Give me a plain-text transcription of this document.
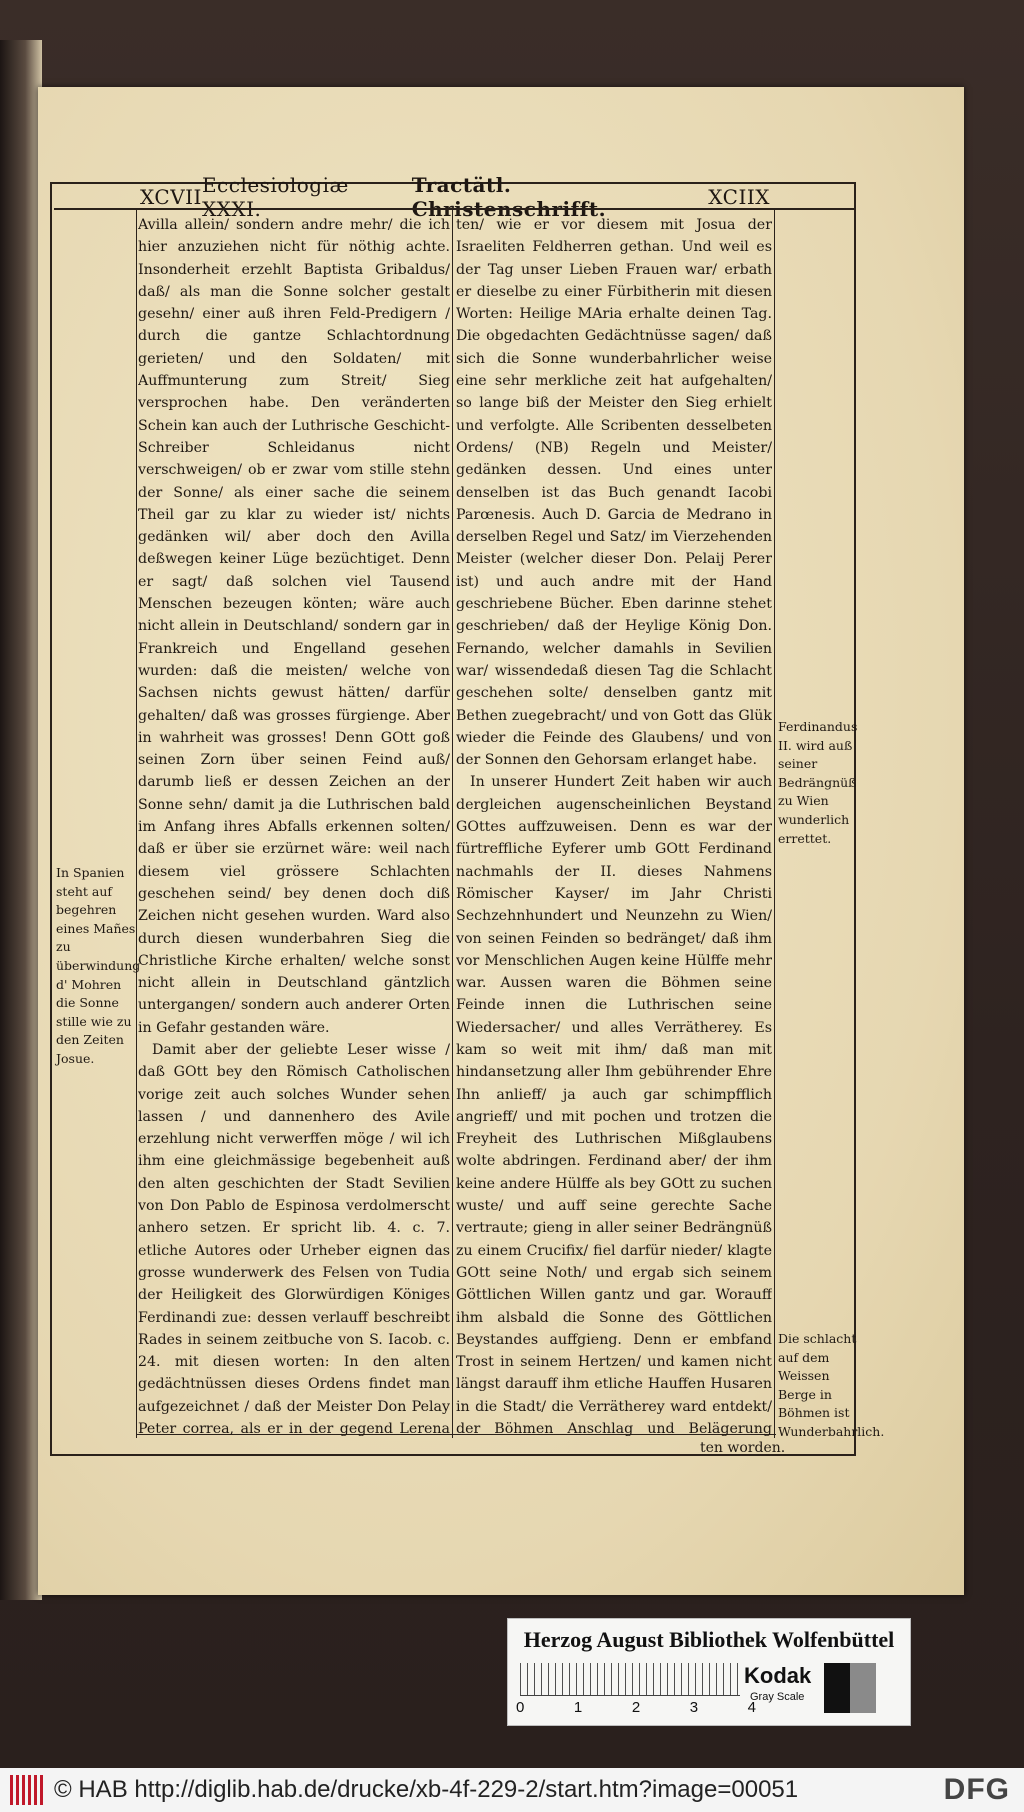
XCVII Ecclesiologiæ XXXI.
Tractätl. Christenschrifft.	XCIIX

Avilla allein/ sondern andre mehr/ die ich hier anzuziehen nicht für nöthig achte. Insonderheit erzehlt Baptista Gribaldus/ daß/ als man die Sonne solcher gestalt gesehn/ einer auß ihren Feld-Predigern / durch die gantze Schlachtordnung gerieten/ und den Soldaten/ mit Auffmunterung zum Streit/ Sieg versprochen habe. Den veränderten Schein kan auch der Luthrische Geschicht-Schreiber Schleidanus nicht verschweigen/ ob er zwar vom stille stehn der Sonne/ als einer sache die seinem Theil gar zu klar zu wieder ist/ nichts gedänken wil/ aber doch den Avilla deßwegen keiner Lüge bezüchtiget. Denn er sagt/ daß solchen viel Tausend Menschen bezeugen könten; wäre auch nicht allein in Deutschland/ sondern gar in Frankreich und Engelland gesehen wurden: daß die meisten/ welche von Sachsen nichts gewust hätten/ darfür gehalten/ daß was grosses fürgienge. Aber in wahrheit was grosses! Denn GOtt goß seinen Zorn über seinen Feind auß/ darumb ließ er dessen Zeichen an der Sonne sehn/ damit ja die Luthrischen bald im Anfang ihres Abfalls erkennen solten/ daß er über sie erzürnet wäre: weil nach diesem viel grössere Schlachten geschehen seind/ bey denen doch diß Zeichen nicht gesehen wurden. Ward also durch diesen wunderbahren Sieg die Christliche Kirche erhalten/ welche sonst nicht allein in Deutschland gäntzlich untergangen/ sondern auch anderer Orten in Gefahr gestanden wäre.

Damit aber der geliebte Leser wisse / daß GOtt bey den Römisch Catholischen vorige zeit auch solches Wunder sehen lassen / und dannenhero des Avile erzehlung nicht verwerffen möge / wil ich ihm eine gleichmässige begebenheit auß den alten geschichten der Stadt Sevilien von Don Pablo de Espinosa verdolmerscht anhero setzen. Er spricht lib. 4. c. 7. etliche Autores oder Urheber eignen das grosse wunderwerk des Felsen von Tudia der Heiligkeit des Glorwürdigen Königes Ferdinandi zue: dessen verlauff beschreibt Rades in seinem zeitbuche von S. Iacob. c. 24. mit diesen worten: In den alten gedächtnüssen dieses Ordens findet man aufgezeichnet / daß der Meister Don Pelay Peter correa, als er in der gegend Lerena

ten/ wie er vor diesem mit Josua der Israeliten Feldherren gethan. Und weil es der Tag unser Lieben Frauen war/ erbath er dieselbe zu einer Fürbitherin mit diesen Worten: Heilige MAria erhalte deinen Tag. Die obgedachten Gedächtnüsse sagen/ daß sich die Sonne wunderbahrlicher weise eine sehr merkliche zeit hat aufgehalten/ so lange biß der Meister den Sieg erhielt und verfolgte. Alle Scribenten desselbeten Ordens/ (NB) Regeln und Meister/ gedänken dessen. Und eines unter denselben ist das Buch genandt Iacobi Parœnesis. Auch D. Garcia de Medrano in derselben Regel und Satz/ im Vierzehenden Meister (welcher dieser Don. Pelaij Perer ist) und auch andre mit der Hand geschriebene Bücher. Eben darinne stehet geschrieben/ daß der Heylige König Don. Fernando, welcher damahls in Sevilien war/ wissendedaß diesen Tag die Schlacht geschehen solte/ denselben gantz mit Bethen zuegebracht/ und von Gott das Glük wieder die Feinde des Glaubens/ und von der Sonnen den Gehorsam erlanget habe.

In unserer Hundert Zeit haben wir auch dergleichen augenscheinlichen Beystand GOttes auffzuweisen. Denn es war der fürtreffliche Eyferer umb GOtt Ferdinand nachmahls der II. dieses Nahmens Römischer Kayser/ im Jahr Christi Sechzehnhundert und Neunzehn zu Wien/ von seinen Feinden so bedränget/ daß ihm vor Menschlichen Augen keine Hülffe mehr war. Aussen waren die Böhmen seine Feinde innen die Luthrischen seine Wiedersacher/ und alles Verrätherey. Es kam so weit mit ihm/ daß man mit hindansetzung aller Ihm gebührender Ehre Ihn anlieff/ ja auch gar schimpfflich angrieff/ und mit pochen und trotzen die Freyheit des Luthrischen Mißglaubens wolte abdringen. Ferdinand aber/ der ihm keine andere Hülffe als bey GOtt zu suchen wuste/ und auff seine gerechte Sache vertraute; gieng in aller seiner Bedrängnüß zu einem Crucifix/ fiel darfür nieder/ klagte GOtt seine Noth/ und ergab sich seinem Göttlichen Willen gantz und gar. Worauff ihm alsbald die Sonne des Göttlichen Beystandes auffgieng. Denn er embfand Trost in seinem Hertzen/ und kamen nicht längst darauff ihm etliche Hauffen Husaren in die Stadt/ die Verrätherey ward entdekt/ der Böhmen Anschlag und Belägerung

In Spanien steht auf begehren eines Mañes zu überwindung d' Mohren die Sonne stille wie zu den Zeiten Josue.
Ferdinandus II. wird auß seiner Bedrängnüß zu Wien wunderlich errettet.
Die schlacht auf dem Weissen Berge in Böhmen ist Wunderbahrlich.
ten worden.
Herzog August Bibliothek Wolfenbüttel
0	1	2	3	4
Kodak
Gray Scale
© HAB http://diglib.hab.de/drucke/xb-4f-229-2/start.htm?image=00051	DFG
